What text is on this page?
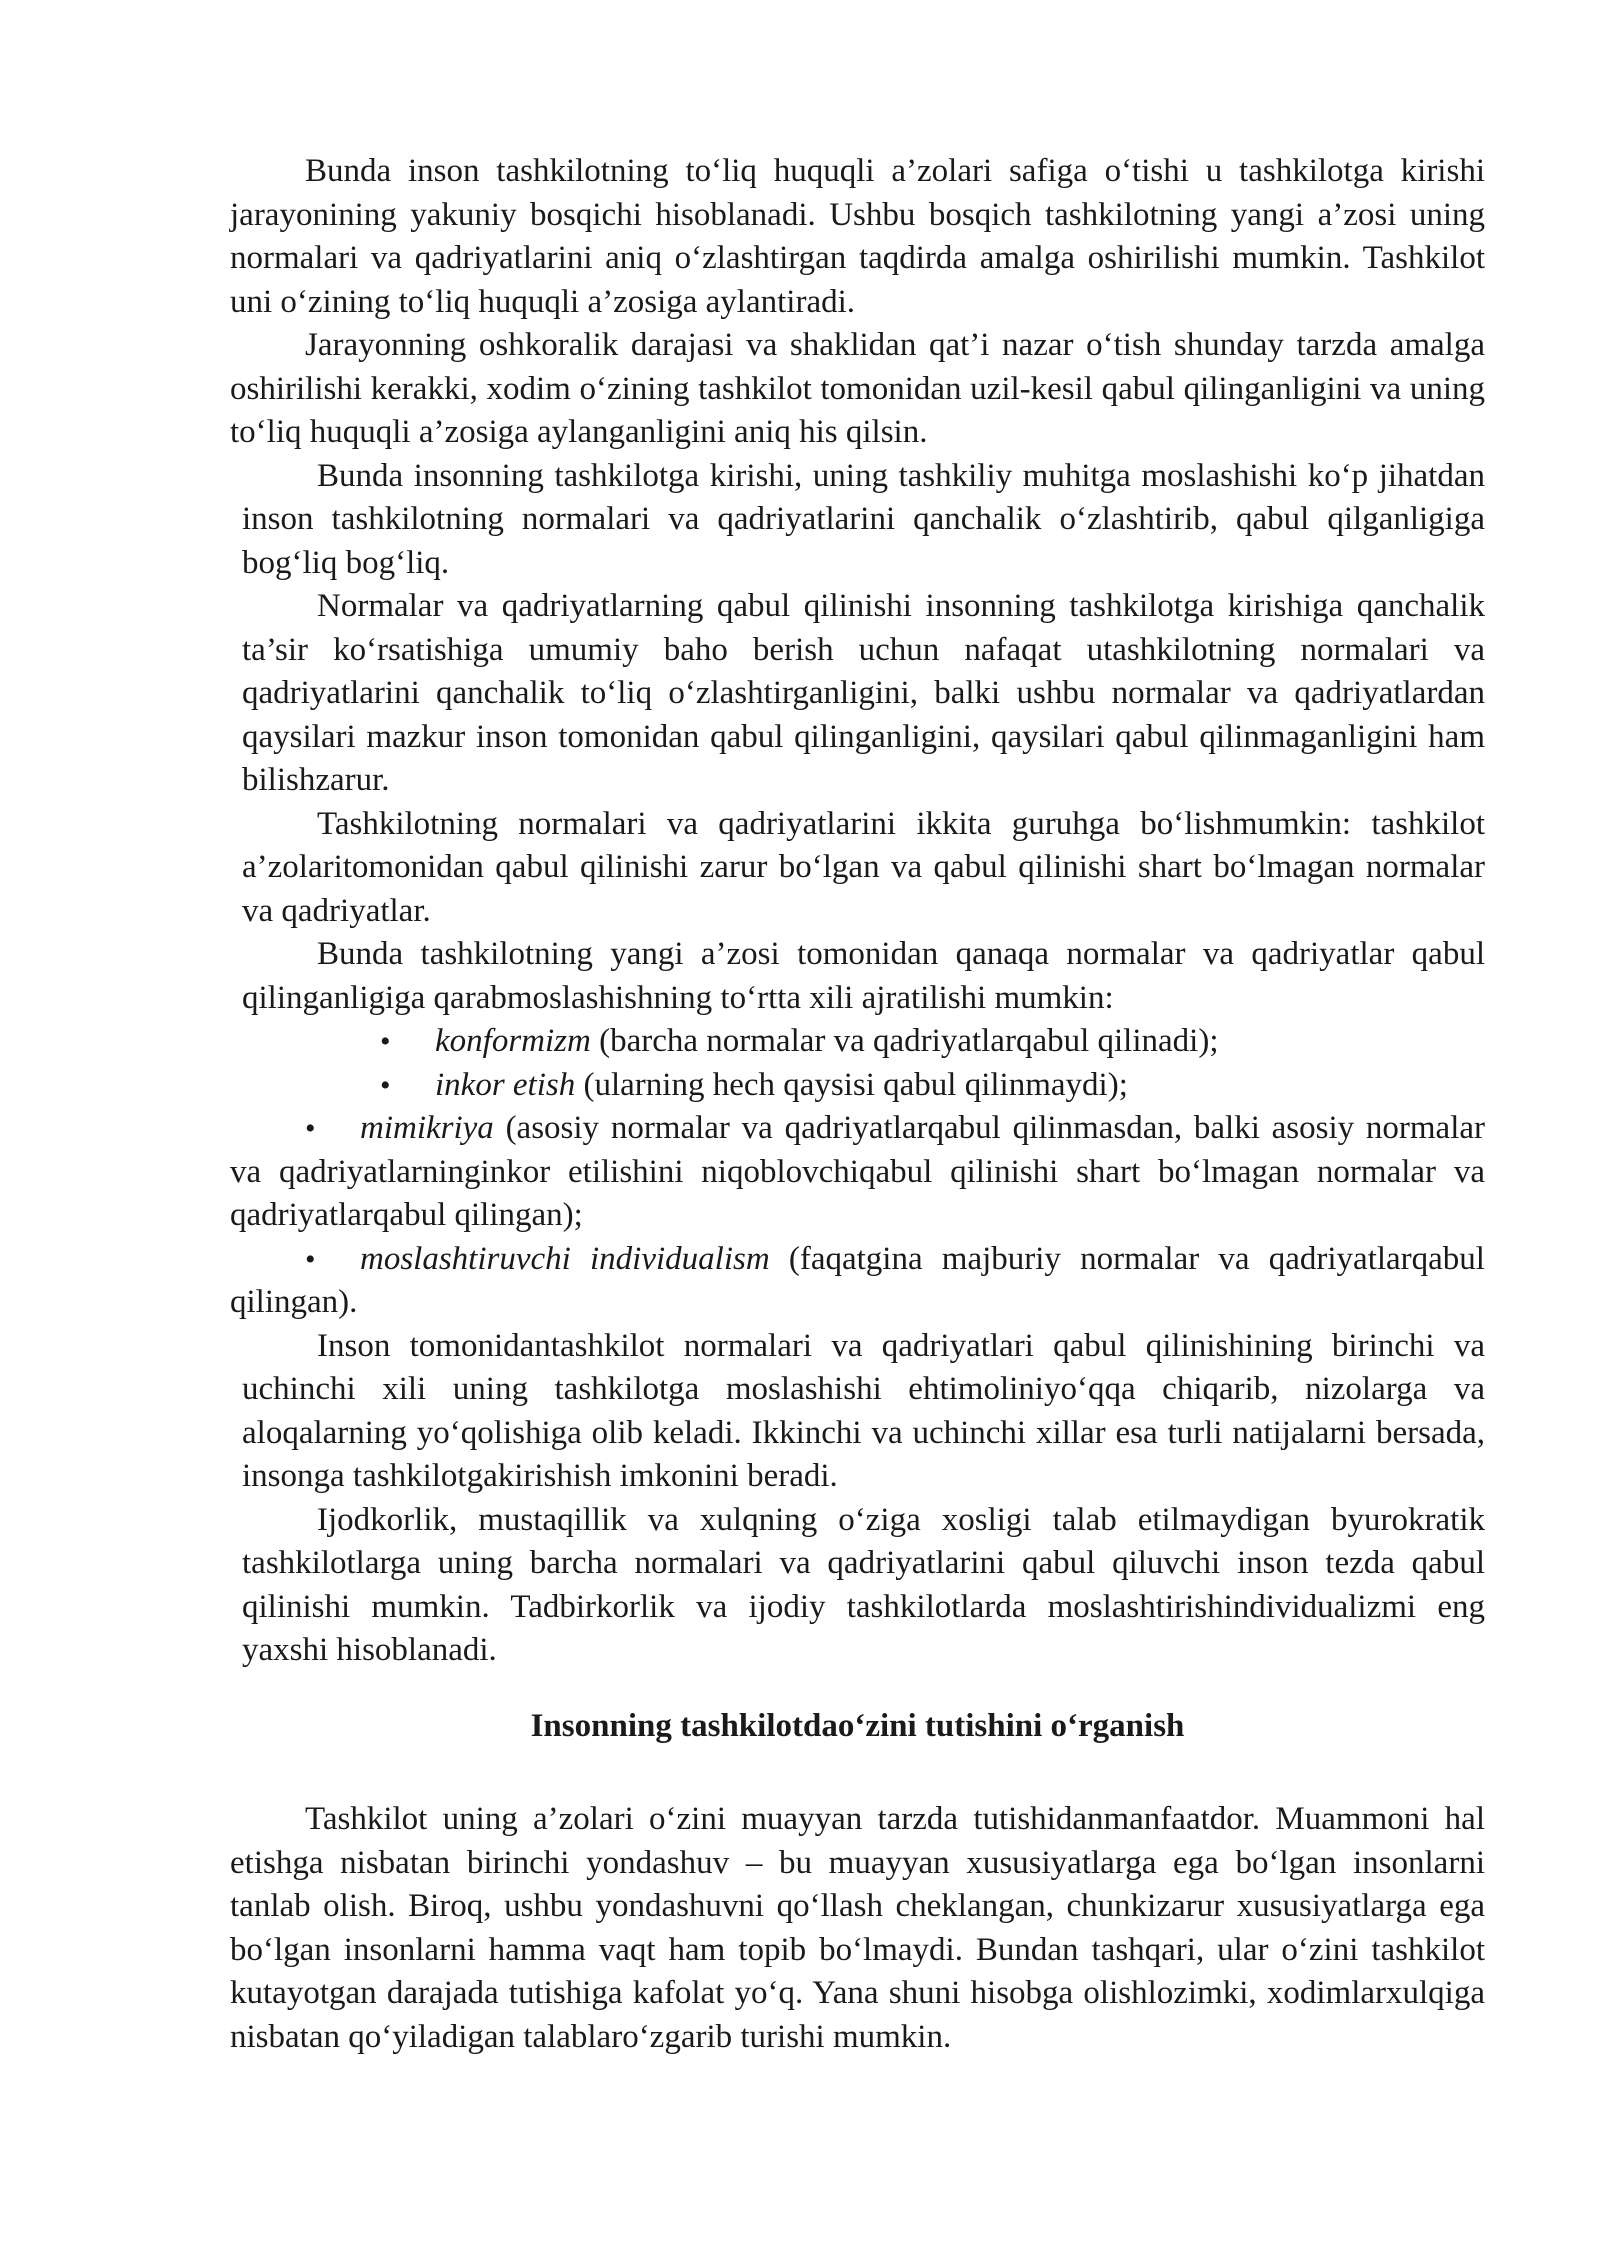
Bunda inson tashkilotning to‘liq huquqli a’zolari safiga o‘tishi u tashkilotga kirishi jarayonining yakuniy bosqichi hisoblanadi. Ushbu bosqich tashkilotning yangi a’zosi uning normalari va qadriyatlarini aniq o‘zlashtirgan taqdirda amalga oshirilishi mumkin. Tashkilot uni o‘zining to‘liq huquqli a’zosiga aylantiradi.

Jarayonning oshkoralik darajasi va shaklidan qat’i nazar o‘tish shunday tarzda amalga oshirilishi kerakki, xodim o‘zining tashkilot tomonidan uzil-kesil qabul qilinganligini va uning to‘liq huquqli a’zosiga aylanganligini aniq his qilsin.

Bunda insonning tashkilotga kirishi, uning tashkiliy muhitga moslashishi ko‘p jihatdan inson tashkilotning normalari va qadriyatlarini qanchalik o‘zlashtirib, qabul qilganligiga bog‘liq bog‘liq.

Normalar va qadriyatlarning qabul qilinishi insonning tashkilotga kirishiga qanchalik ta’sir ko‘rsatishiga umumiy baho berish uchun nafaqat utashkilotning normalari va qadriyatlarini qanchalik to‘liq o‘zlashtirganligini, balki ushbu normalar va qadriyatlardan qaysilari mazkur inson tomonidan qabul qilinganligini, qaysilari qabul qilinmaganligini ham bilishzarur.

Tashkilotning normalari va qadriyatlarini ikkita guruhga bo‘lishmumkin: tashkilot a’zolaritomonidan qabul qilinishi zarur bo‘lgan va qabul qilinishi shart bo‘lmagan normalar va qadriyatlar.

Bunda tashkilotning yangi a’zosi tomonidan qanaqa normalar va qadriyatlar qabul qilinganligiga qarabmoslashishning to‘rtta xili ajratilishi mumkin:

• konformizm (barcha normalar va qadriyatlarqabul qilinadi);

• inkor etish (ularning hech qaysisi qabul qilinmaydi);

• mimikriya (asosiy normalar va qadriyatlarqabul qilinmasdan, balki asosiy normalar va qadriyatlarninginkor etilishini niqoblovchiqabul qilinishi shart bo‘lmagan normalar va qadriyatlarqabul qilingan);

• moslashtiruvchi individualism (faqatgina majburiy normalar va qadriyatlarqabul qilingan).

Inson tomonidantashkilot normalari va qadriyatlari qabul qilinishining birinchi va uchinchi xili uning tashkilotga moslashishi ehtimoliniyo‘qqa chiqarib, nizolarga va aloqalarning yo‘qolishiga olib keladi. Ikkinchi va uchinchi xillar esa turli natijalarni bersada, insonga tashkilotgakirishish imkonini beradi.

Ijodkorlik, mustaqillik va xulqning o‘ziga xosligi talab etilmaydigan byurokratik tashkilotlarga uning barcha normalari va qadriyatlarini qabul qiluvchi inson tezda qabul qilinishi mumkin. Tadbirkorlik va ijodiy tashkilotlarda moslashtirishindividualizmi eng yaxshi hisoblanadi.

Insonning tashkilotdao‘zini tutishini o‘rganish

Tashkilot uning a’zolari o‘zini muayyan tarzda tutishidanmanfaatdor. Muammoni hal etishga nisbatan birinchi yondashuv – bu muayyan xususiyatlarga ega bo‘lgan insonlarni tanlab olish. Biroq, ushbu yondashuvni qo‘llash cheklangan, chunkizarur xususiyatlarga ega bo‘lgan insonlarni hamma vaqt ham topib bo‘lmaydi. Bundan tashqari, ular o‘zini tashkilot kutayotgan darajada tutishiga kafolat yo‘q. Yana shuni hisobga olishlozimki, xodimlarxulqiga nisbatan qo‘yiladigan talablaro‘zgarib turishi mumkin.
